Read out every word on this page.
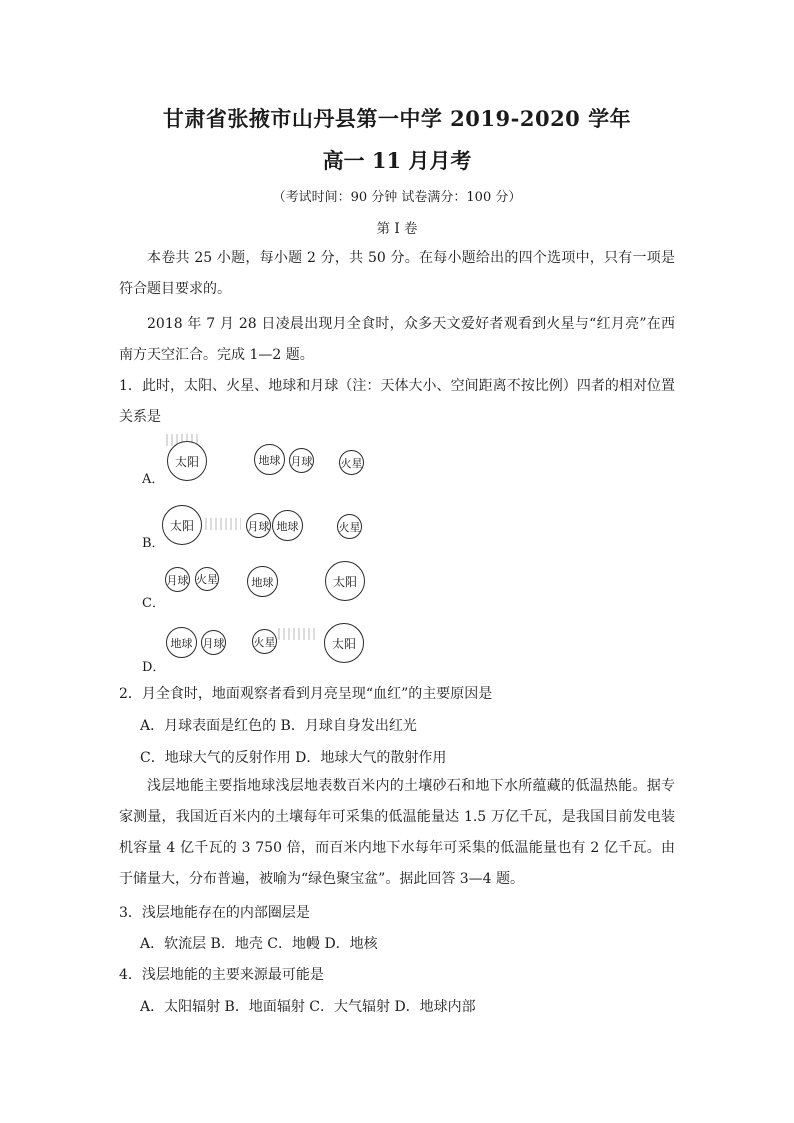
甘肃省张掖市山丹县第一中学 2019-2020 学年
高一 11 月月考
（考试时间：90 分钟 试卷满分：100 分）
第 I 卷

本卷共 25 小题，每小题 2 分，共 50 分。在每小题给出的四个选项中，只有一项是符合题目要求的。

2018 年 7 月 28 日凌晨出现月全食时，众多天文爱好者观看到火星与“红月亮”在西南方天空汇合。完成 1—2 题。

1．此时，太阳、火星、地球和月球（注：天体大小、空间距离不按比例）四者的相对位置关系是

A．
太阳	地球 月球	火星
B．
太阳	月球 地球	火星
C．
月球 火星	地球	太阳
D．
地球 月球	火星	太阳
2．月全食时，地面观察者看到月亮呈现“血红”的主要原因是
A．月球表面是红色的 B．月球自身发出红光
C．地球大气的反射作用 D．地球大气的散射作用

浅层地能主要指地球浅层地表数百米内的土壤砂石和地下水所蕴藏的低温热能。据专家测量，我国近百米内的土壤每年可采集的低温能量达 1.5 万亿千瓦，是我国目前发电装机容量 4 亿千瓦的 3 750 倍，而百米内地下水每年可采集的低温能量也有 2 亿千瓦。由于储量大，分布普遍，被喻为“绿色聚宝盆”。据此回答 3—4 题。

3．浅层地能存在的内部圈层是
A．软流层 B．地壳 C．地幔 D．地核
4．浅层地能的主要来源最可能是
A．太阳辐射 B．地面辐射 C．大气辐射 D．地球内部
